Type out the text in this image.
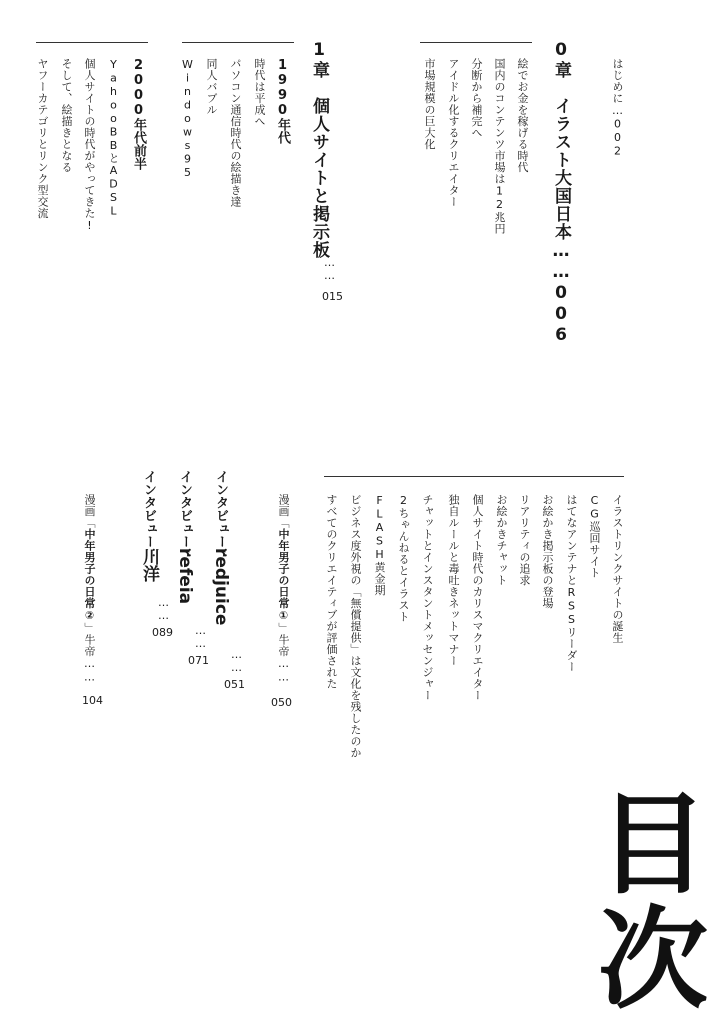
はじめに…002
0章　イラスト大国日本……006
絵でお金を稼げる時代
国内のコンテンツ市場は12兆円
分断から補完へ
アイドル化するクリエイター
市場規模の巨大化
1章　個人サイトと掲示板
……
015
1990年代
時代は平成へ
パソコン通信時代の絵描き達
同人バブル
Windows95
2000年代前半
YahooBBとADSL
個人サイトの時代がやってきた!
そして、絵描きとなる
ヤフーカテゴリとリンク型交流
イラストリンクサイトの誕生
CG巡回サイト
はてなアンテナとRSSリーダー
お絵かき掲示板の登場
リアリティの追求
お絵かきチャット
個人サイト時代のカリスマクリエイター
独自ルールと毒吐きネットマナー
チャットとインスタントメッセンジャー
2ちゃんねるとイラスト
FLASH黄金期
ビジネス度外視の「無償提供」は文化を残したのか
すべてのクリエイティブが評価された
漫画「中年男子の日常①」牛帝……
050
インタビュー：
redjuice
……
051
インタビュー：
refeia
……
071
インタビュー：
川洋
……
089
漫画「中年男子の日常②」牛帝……
104
目
次
